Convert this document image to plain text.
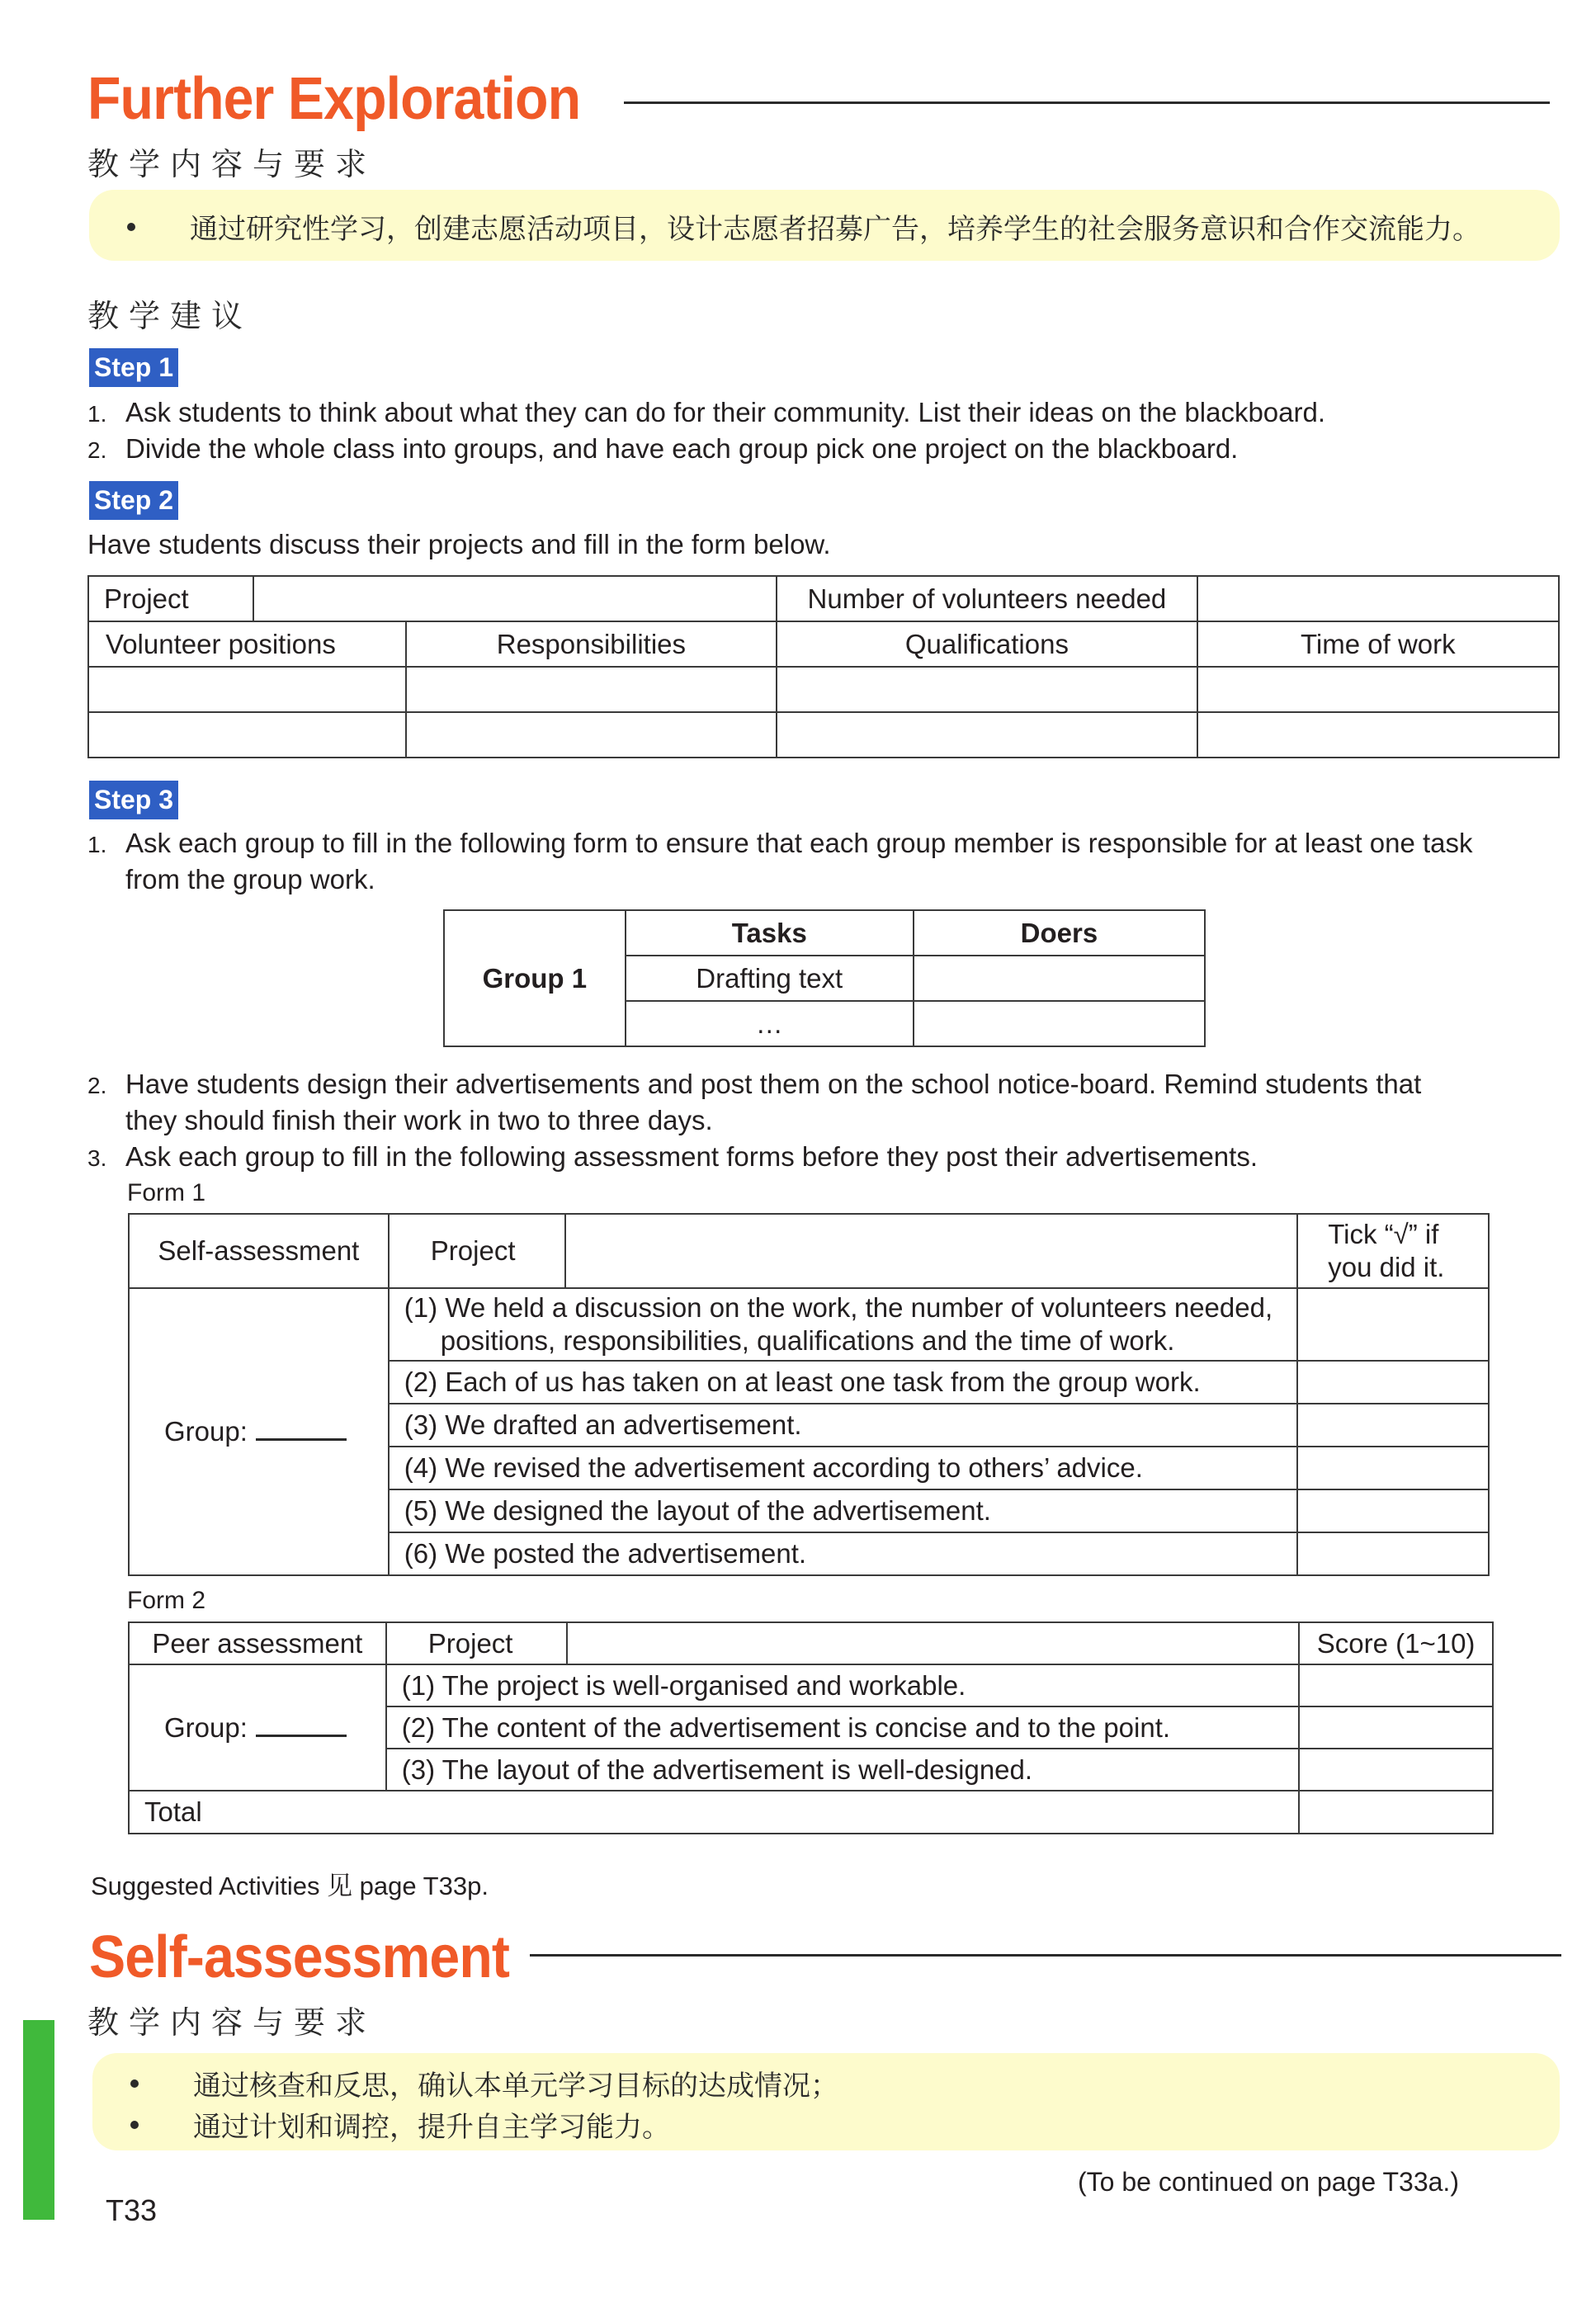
Further Exploration
教学内容与要求
通过研究性学习，创建志愿活动项目，设计志愿者招募广告，培养学生的社会服务意识和合作交流能力。
教学建议
Step 1
1. Ask students to think about what they can do for their community. List their ideas on the blackboard.
2. Divide the whole class into groups, and have each group pick one project on the blackboard.
Step 2
Have students discuss their projects and fill in the form below.
Project			Number of volunteers needed	
Volunteer positions		Responsibilities	Qualifications	Time of work

Step 3
1. Ask each group to fill in the following form to ensure that each group member is responsible for at least one task
from the group work.
Group 1	Tasks	Doers
	Drafting text	
	…	
2. Have students design their advertisements and post them on the school notice-board. Remind students that
they should finish their work in two to three days.
3. Ask each group to fill in the following assessment forms before they post their advertisements.
Form 1
Self-assessment	Project		Tick “√” if
you did it.

Group:	(1) We held a discussion on the work, the number of volunteers needed,
positions, responsibilities, qualifications and the time of work.		

	(2) Each of us has taken on at least one task from the group work.		
	(3) We drafted an advertisement.		
	(4) We revised the advertisement according to others’ advice.		
	(5) We designed the layout of the advertisement.		
	(6) We posted the advertisement.		
Form 2
Peer assessment	Project		Score (1~10)
Group:	(1) The project is well-organised and workable.		
	(2) The content of the advertisement is concise and to the point.		
	(3) The layout of the advertisement is well-designed.		
Total			
Suggested Activities 见 page T33p.
Self-assessment
教学内容与要求
通过核查和反思，确认本单元学习目标的达成情况；
通过计划和调控，提升自主学习能力。
T33
(To be continued on page T33a.)
